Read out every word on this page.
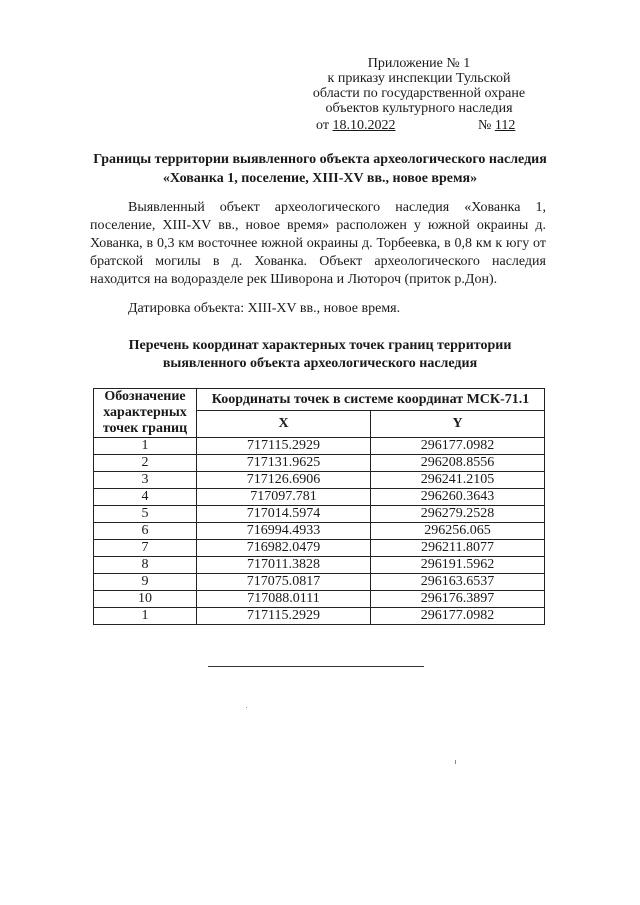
Приложение № 1
к приказу инспекции Тульской
области по государственной охране
объектов культурного наследия
от 18.10.2022	№ 112
Границы территории выявленного объекта археологического наследия «Хованка 1, поселение, XIII-XV вв., новое время»
Выявленный объект археологического наследия «Хованка 1, поселение, XIII-XV вв., новое время» расположен у южной окраины д. Хованка, в 0,3 км восточнее южной окраины д. Торбеевка, в 0,8 км к югу от братской могилы в д. Хованка. Объект археологического наследия находится на водоразделе рек Шиворона и Лютороч (приток р.Дон).
Датировка объекта: XIII-XV вв., новое время.
Перечень координат характерных точек границ территории выявленного объекта археологического наследия
Обозначение характерных точек границ	Координаты точек в системе координат МСК-71.1	
	X	Y
1	717115.2929	296177.0982
2	717131.9625	296208.8556
3	717126.6906	296241.2105
4	717097.781	296260.3643
5	717014.5974	296279.2528
6	716994.4933	296256.065
7	716982.0479	296211.8077
8	717011.3828	296191.5962
9	717075.0817	296163.6537
10	717088.0111	296176.3897
1	717115.2929	296177.0982
